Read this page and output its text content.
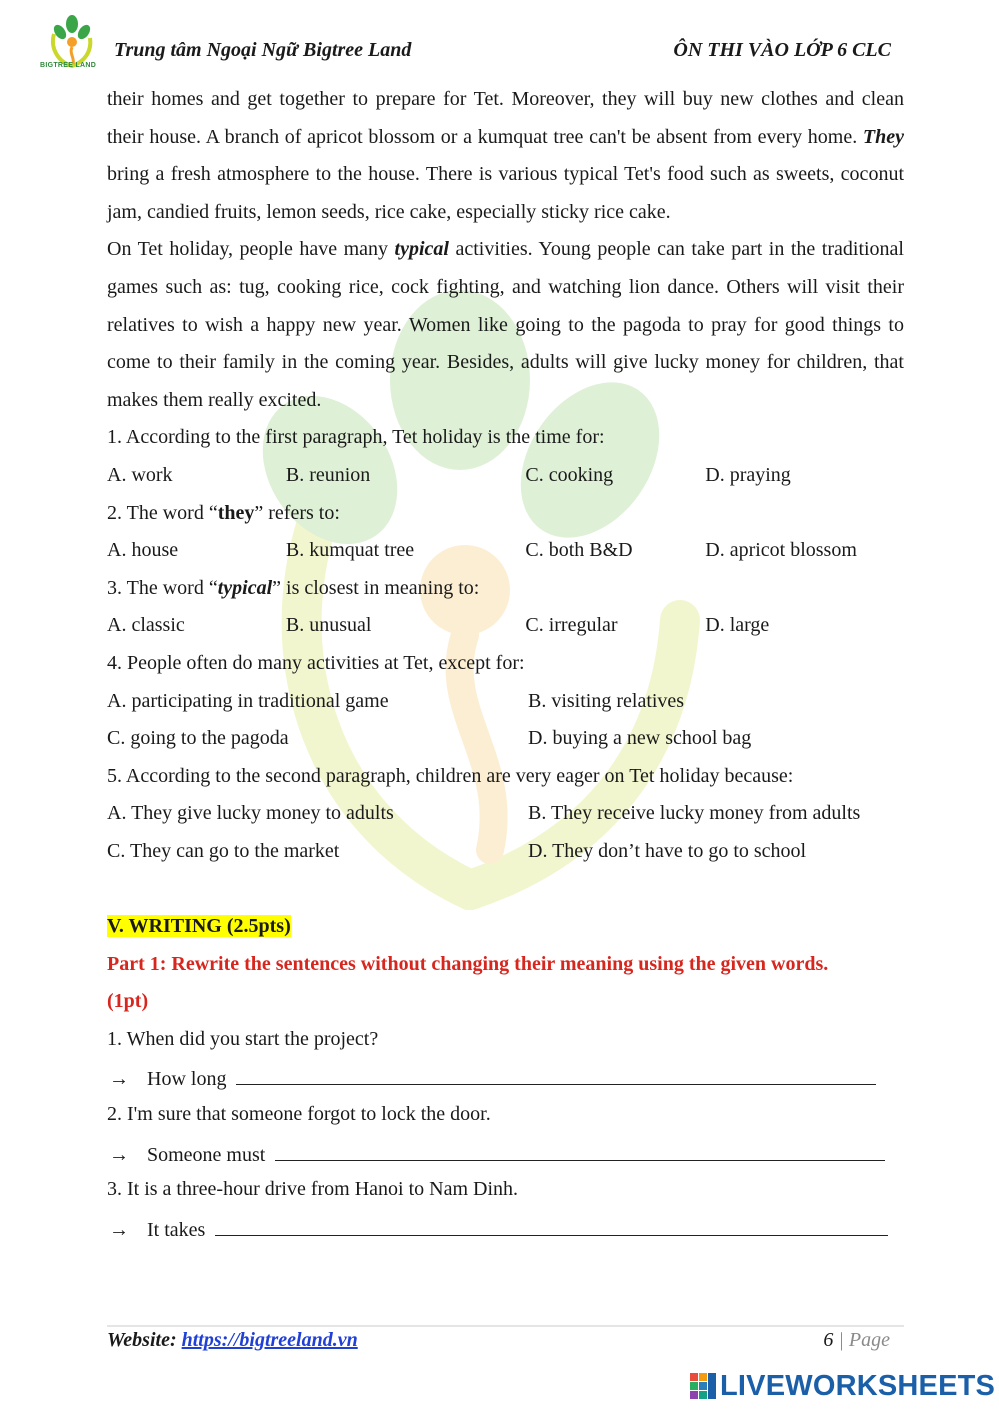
BIGTREE LAND
Trung tâm Ngoại Ngữ Bigtree Land	ÔN THI VÀO LỚP 6 CLC

their homes and get together to prepare for Tet. Moreover, they will buy new clothes and clean their house. A branch of apricot blossom or a kumquat tree can't be absent from every home. They bring a fresh atmosphere to the house. There is various typical Tet's food such as sweets, coconut jam, candied fruits, lemon seeds, rice cake, especially sticky rice cake.

On Tet holiday, people have many typical activities. Young people can take part in the traditional games such as: tug, cooking rice, cock fighting, and watching lion dance. Others will visit their relatives to wish a happy new year. Women like going to the pagoda to pray for good things to come to their family in the coming year. Besides, adults will give lucky money for children, that makes them really excited.

1. According to the first paragraph, Tet holiday is the time for:
A. work	B. reunion	C. cooking	D. praying
2. The word “they” refers to:
A. house	B. kumquat tree	C. both B&D	D. apricot blossom
3. The word “typical” is closest in meaning to:
A. classic	B. unusual	C. irregular	D. large
4. People often do many activities at Tet, except for:
A. participating in traditional game	B. visiting relatives
C. going to the pagoda	D. buying a new school bag
5. According to the second paragraph, children are very eager on Tet holiday because:
A. They give lucky money to adults	B. They receive lucky money from adults
C. They can go to the market	D. They don’t have to go to school
V. WRITING (2.5pts)
Part 1: Rewrite the sentences without changing their meaning using the given words.
(1pt)
1. When did you start the project?
→ How long
2. I'm sure that someone forgot to lock the door.
→ Someone must
3. It is a three-hour drive from Hanoi to Nam Dinh.
→ It takes
Website: https://bigtreeland.vn	6 | Page
LIVEWORKSHEETS
